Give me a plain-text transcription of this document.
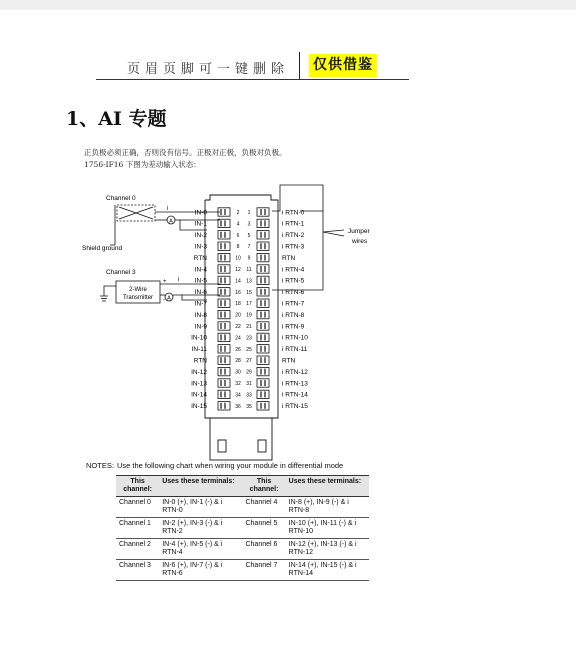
页眉页脚可一键删除	仅供借鉴
1、AI 专题
正负极必须正确，否则没有信号。正极对正极，负极对负极。
1756-IF16 下图为差动输入状态：
2 1
4 3
6 5
8 7
10 9
12 11
14 13
16 15
18 17
20 19
22 21
24 23
26 25
28 27
30 29
32 31
34 33
36 35
IN-0
IN-1
IN-2
IN-3
RTN
IN-4
IN-5
IN-6
IN-7
IN-8
IN-9
IN-10
IN-11
RTN
IN-12
IN-13
IN-14
IN-15
i RTN-0
i RTN-1
i RTN-2
i RTN-3
RTN
i RTN-4
i RTN-5
i RTN-6
i RTN-7
i RTN-8
i RTN-9
i RTN-10
i RTN-11
RTN
i RTN-12
i RTN-13
i RTN-14
i RTN-15
A
i
Channel 0
Shield ground
A
i
Channel 3
2-Wire
Transmitter
+
-
Jumper
wires
NOTES: Use the following chart when wiring your module in differential mode
This channel:	Uses these terminals:	This channel:	Uses these terminals:
Channel 0	IN-0 (+), IN-1 (-) & i RTN-0	Channel 4	IN-8 (+), IN-9 (-) & i RTN-8
Channel 1	IN-2 (+), IN-3 (-) & i RTN-2	Channel 5	IN-10 (+), IN-11 (-) & i RTN-10
Channel 2	IN-4 (+), IN-5 (-) & i RTN-4	Channel 6	IN-12 (+), IN-13 (-) & i RTN-12
Channel 3	IN-6 (+), IN-7 (-) & i RTN-6	Channel 7	IN-14 (+), IN-15 (-) & i RTN-14
